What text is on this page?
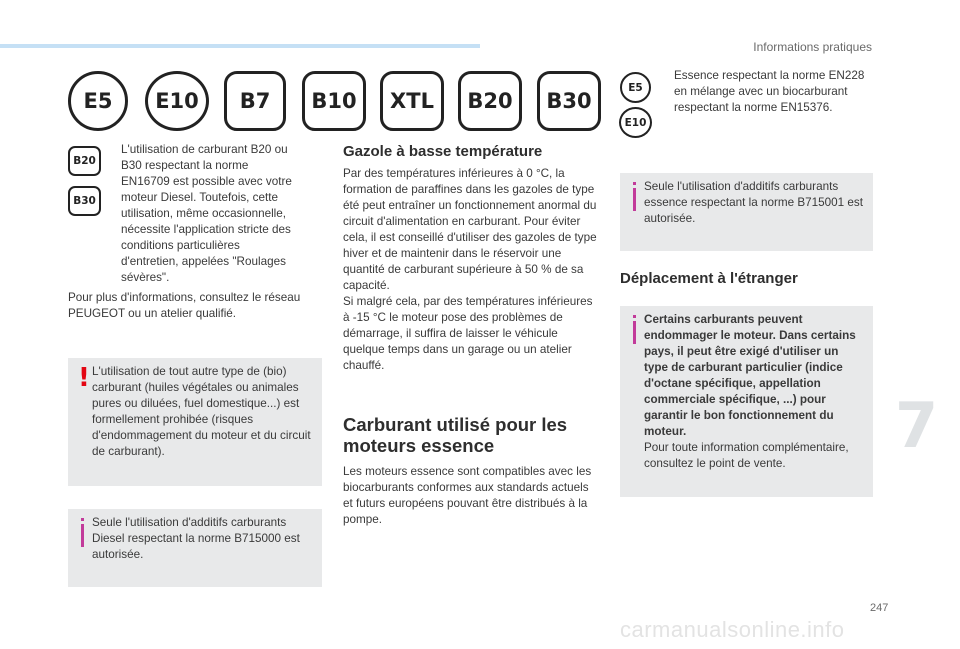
Informations pratiques
E5	E10	B7	B10	XTL	B20	B30
B20
B30
L'utilisation de carburant B20 ou B30 respectant la norme EN16709 est possible avec votre moteur Diesel. Toutefois, cette utilisation, même occasionnelle, nécessite l'application stricte des conditions particulières d'entretien, appelées "Roulages sévères".
Pour plus d'informations, consultez le réseau PEUGEOT ou un atelier qualifié.
! L'utilisation de tout autre type de (bio) carburant (huiles végétales ou animales pures ou diluées, fuel domestique...) est formellement prohibée (risques d'endommagement du moteur et du circuit de carburant).
Seule l'utilisation d'additifs carburants Diesel respectant la norme B715000 est autorisée.
Gazole à basse température
Par des températures inférieures à 0 °C, la formation de paraffines dans les gazoles de type été peut entraîner un fonctionnement anormal du circuit d'alimentation en carburant. Pour éviter cela, il est conseillé d'utiliser des gazoles de type hiver et de maintenir dans le réservoir une quantité de carburant supérieure à 50 % de sa capacité.
Si malgré cela, par des températures inférieures à -15 °C le moteur pose des problèmes de démarrage, il suffira de laisser le véhicule quelque temps dans un garage ou un atelier chauffé.
Carburant utilisé pour les moteurs essence
Les moteurs essence sont compatibles avec les biocarburants conformes aux standards actuels et futurs européens pouvant être distribués à la pompe.
E5
E10
Essence respectant la norme EN228 en mélange avec un biocarburant respectant la norme EN15376.
Seule l'utilisation d'additifs carburants essence respectant la norme B715001 est autorisée.
Déplacement à l'étranger
Certains carburants peuvent endommager le moteur. Dans certains pays, il peut être exigé d'utiliser un type de carburant particulier (indice d'octane spécifique, appellation commerciale spécifique, ...) pour garantir le bon fonctionnement du moteur.
Pour toute information complémentaire, consultez le point de vente.
7
247
carmanualsonline.info
